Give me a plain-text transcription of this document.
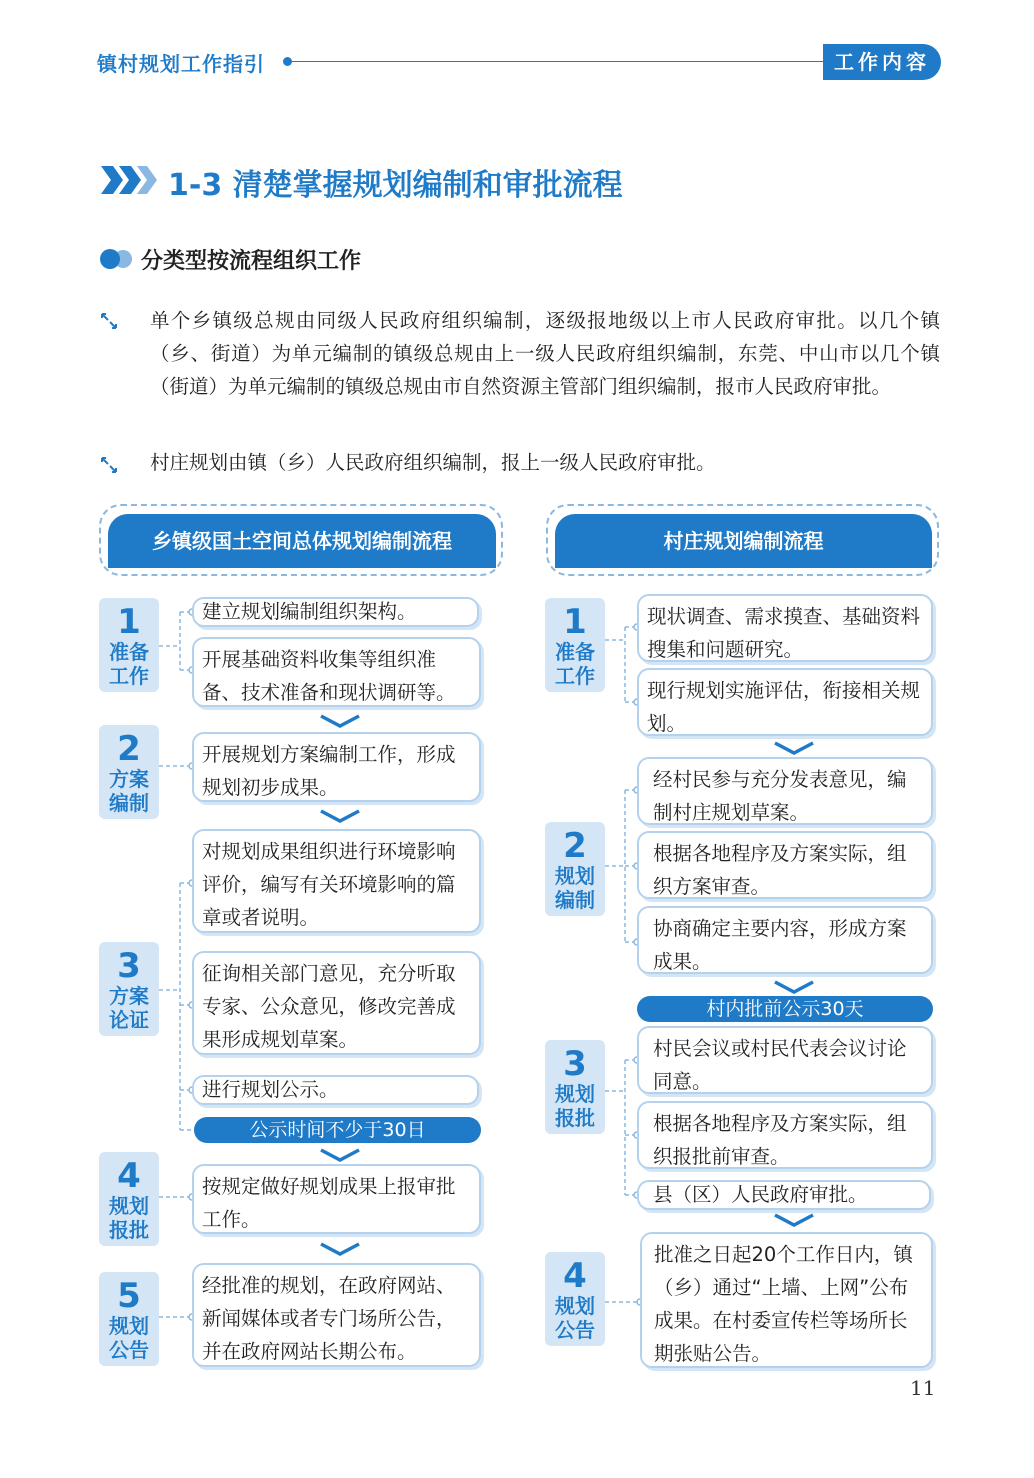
镇村规划工作指引	工作内容
1-3 清楚掌握规划编制和审批流程
分类型按流程组织工作
单个乡镇级总规由同级人民政府组织编制，逐级报地级以上市人民政府审批。以几个镇（乡、街道）为单元编制的镇级总规由上一级人民政府组织编制，东莞、中山市以几个镇（街道）为单元编制的镇级总规由市自然资源主管部门组织编制，报市人民政府审批。
村庄规划由镇（乡）人民政府组织编制，报上一级人民政府审批。
乡镇级国土空间总体规划编制流程	村庄规划编制流程
1
准备工作
2
方案编制
3
方案论证
4
规划报批
5
规划公告
建立规划编制组织架构。
开展基础资料收集等组织准备、技术准备和现状调研等。
开展规划方案编制工作，形成规划初步成果。
对规划成果组织进行环境影响评价，编写有关环境影响的篇章或者说明。
征询相关部门意见，充分听取专家、公众意见，修改完善成果形成规划草案。
进行规划公示。
公示时间不少于30日
按规定做好规划成果上报审批工作。
经批准的规划，在政府网站、新闻媒体或者专门场所公告，并在政府网站长期公布。
1
准备工作
2
规划编制
3
规划报批
4
规划公告
现状调查、需求摸查、基础资料搜集和问题研究。
现行规划实施评估，衔接相关规划。
经村民参与充分发表意见，编制村庄规划草案。
根据各地程序及方案实际，组织方案审查。
协商确定主要内容，形成方案成果。
村内批前公示30天
村民会议或村民代表会议讨论同意。
根据各地程序及方案实际，组织报批前审查。
县（区）人民政府审批。
批准之日起20个工作日内，镇（乡）通过“上墙、上网”公布成果。在村委宣传栏等场所长期张贴公告。
11
